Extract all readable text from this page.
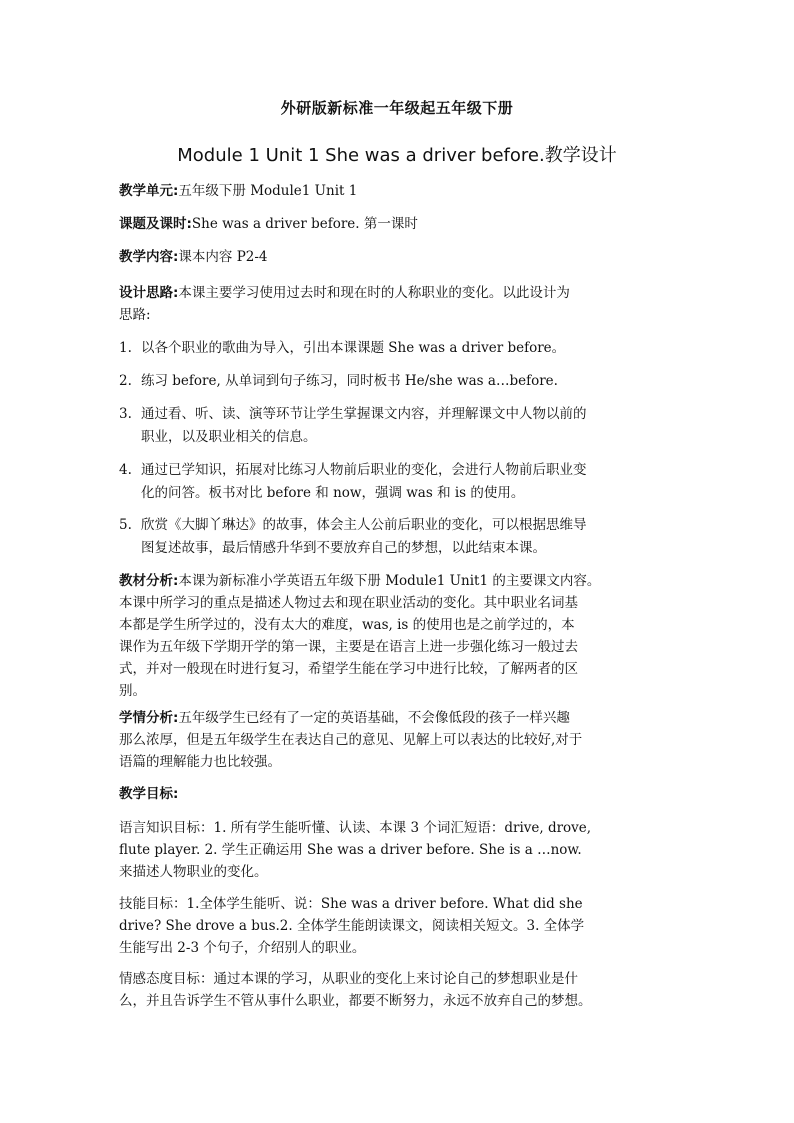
外研版新标准一年级起五年级下册
Module 1 Unit 1 She was a driver before.教学设计
教学单元:五年级下册 Module1 Unit 1
课题及课时:She was a driver before. 第一课时
教学内容:课本内容 P2-4
设计思路:本课主要学习使用过去时和现在时的人称职业的变化。以此设计为
思路:
1. 以各个职业的歌曲为导入，引出本课课题 She was a driver before。
2. 练习 before, 从单词到句子练习，同时板书 He/she was a…before.
3. 通过看、听、读、演等环节让学生掌握课文内容，并理解课文中人物以前的
职业，以及职业相关的信息。
4. 通过已学知识，拓展对比练习人物前后职业的变化，会进行人物前后职业变
化的问答。板书对比 before 和 now，强调 was 和 is 的使用。
5. 欣赏《大脚丫琳达》的故事，体会主人公前后职业的变化，可以根据思维导
图复述故事，最后情感升华到不要放弃自己的梦想，以此结束本课。
教材分析:本课为新标准小学英语五年级下册 Module1 Unit1 的主要课文内容。
本课中所学习的重点是描述人物过去和现在职业活动的变化。其中职业名词基
本都是学生所学过的，没有太大的难度，was, is 的使用也是之前学过的，本
课作为五年级下学期开学的第一课，主要是在语言上进一步强化练习一般过去
式，并对一般现在时进行复习，希望学生能在学习中进行比较，了解两者的区
别。
学情分析:五年级学生已经有了一定的英语基础，不会像低段的孩子一样兴趣
那么浓厚，但是五年级学生在表达自己的意见、见解上可以表达的比较好,对于
语篇的理解能力也比较强。
教学目标:
语言知识目标：1. 所有学生能听懂、认读、本课 3 个词汇短语：drive, drove,
flute player. 2. 学生正确运用 She was a driver before. She is a …now.
来描述人物职业的变化。
技能目标：1.全体学生能听、说：She was a driver before. What did she
drive? She drove a bus.2. 全体学生能朗读课文，阅读相关短文。3. 全体学
生能写出 2-3 个句子，介绍别人的职业。
情感态度目标：通过本课的学习，从职业的变化上来讨论自己的梦想职业是什
么，并且告诉学生不管从事什么职业，都要不断努力，永远不放弃自己的梦想。
